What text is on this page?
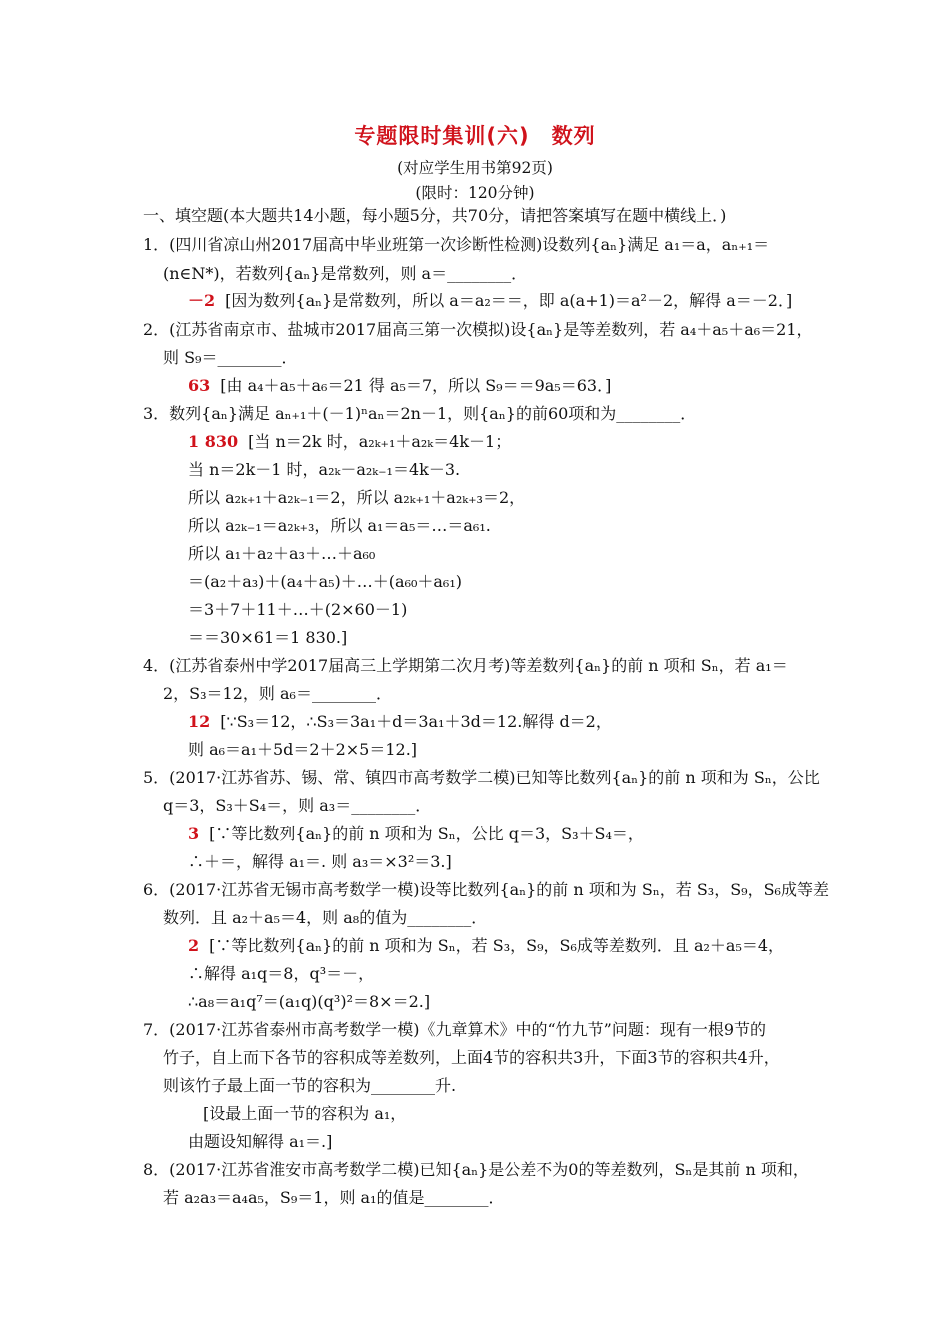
专题限时集训(六)　数列
(对应学生用书第92页)
(限时：120分钟)
一、填空题(本大题共14小题，每小题5分，共70分，请把答案填写在题中横线上．)
1．(四川省凉山州2017届高中毕业班第一次诊断性检测)设数列{aₙ}满足 a₁＝a，aₙ₊₁＝
(n∈N*)，若数列{aₙ}是常数列，则 a＝________．
－2 [因为数列{aₙ}是常数列，所以 a＝a₂＝＝，即 a(a+1)＝a²－2，解得 a＝－2．]
2．(江苏省南京市、盐城市2017届高三第一次模拟)设{aₙ}是等差数列，若 a₄＋a₅＋a₆＝21，
则 S₉＝________．
63 [由 a₄＋a₅＋a₆＝21 得 a₅＝7，所以 S₉＝＝9a₅＝63．]
3．数列{aₙ}满足 aₙ₊₁＋(－1)ⁿaₙ＝2n－1，则{aₙ}的前60项和为________．
1 830 [当 n＝2k 时，a₂ₖ₊₁＋a₂ₖ＝4k－1；
当 n＝2k－1 时，a₂ₖ－a₂ₖ₋₁＝4k－3.
所以 a₂ₖ₊₁＋a₂ₖ₋₁＝2，所以 a₂ₖ₊₁＋a₂ₖ₊₃＝2，
所以 a₂ₖ₋₁＝a₂ₖ₊₃，所以 a₁＝a₅＝…＝a₆₁.
所以 a₁＋a₂＋a₃＋…＋a₆₀
＝(a₂＋a₃)＋(a₄＋a₅)＋…＋(a₆₀＋a₆₁)
＝3＋7＋11＋…＋(2×60－1)
＝＝30×61＝1 830.]
4．(江苏省泰州中学2017届高三上学期第二次月考)等差数列{aₙ}的前 n 项和 Sₙ，若 a₁＝
2，S₃＝12，则 a₆＝________．
12 [∵S₃＝12，∴S₃＝3a₁＋d＝3a₁＋3d＝12.解得 d＝2，
则 a₆＝a₁＋5d＝2＋2×5＝12.]
5．(2017·江苏省苏、锡、常、镇四市高考数学二模)已知等比数列{aₙ}的前 n 项和为 Sₙ，公比
q＝3，S₃＋S₄＝，则 a₃＝________．
3 [∵等比数列{aₙ}的前 n 项和为 Sₙ，公比 q＝3，S₃＋S₄＝，
∴＋＝，解得 a₁＝. 则 a₃＝×3²＝3.]
6．(2017·江苏省无锡市高考数学一模)设等比数列{aₙ}的前 n 项和为 Sₙ，若 S₃，S₉，S₆成等差
数列．且 a₂＋a₅＝4，则 a₈的值为________．
2 [∵等比数列{aₙ}的前 n 项和为 Sₙ，若 S₃，S₉，S₆成等差数列．且 a₂＋a₅＝4，
∴解得 a₁q＝8，q³＝－，
∴a₈＝a₁q⁷＝(a₁q)(q³)²＝8×＝2.]
7．(2017·江苏省泰州市高考数学一模)《九章算术》中的“竹九节”问题：现有一根9节的
竹子，自上而下各节的容积成等差数列，上面4节的容积共3升，下面3节的容积共4升，
则该竹子最上面一节的容积为________升.
[设最上面一节的容积为 a₁，
由题设知解得 a₁＝.]
8．(2017·江苏省淮安市高考数学二模)已知{aₙ}是公差不为0的等差数列，Sₙ是其前 n 项和，
若 a₂a₃＝a₄a₅，S₉＝1，则 a₁的值是________．
